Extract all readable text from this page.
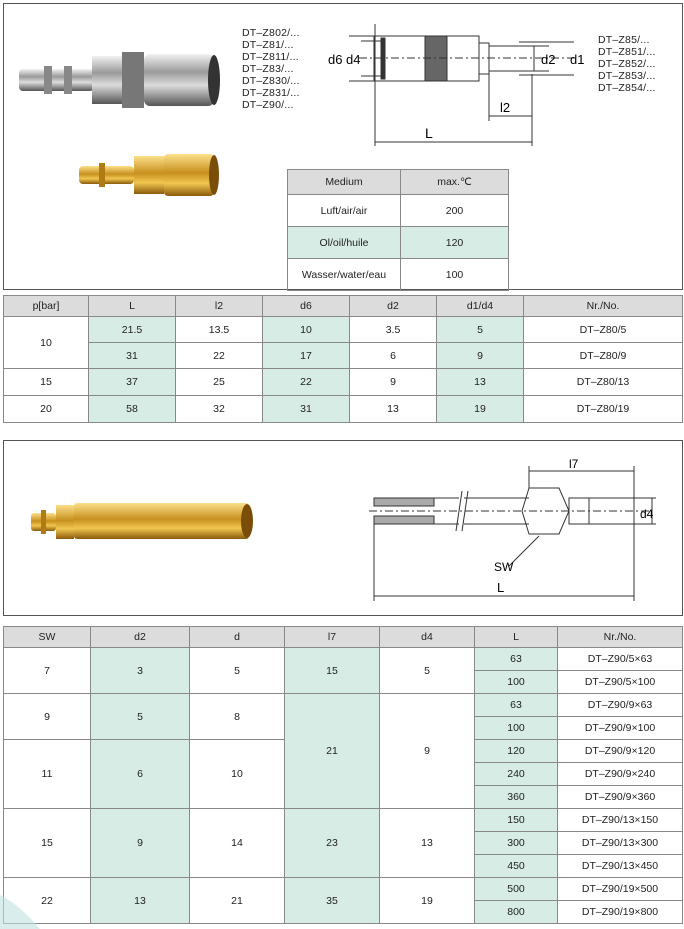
DT–Z802/...
DT–Z81/...
DT–Z811/...
DT–Z83/...
DT–Z830/...
DT–Z831/...
DT–Z90/...
DT–Z85/...
DT–Z851/...
DT–Z852/...
DT–Z853/...
DT–Z854/...
d6 d4	d2 d1
l2
L
Medium	max.℃
Luft/air/air	200
Ol/oil/huile	120
Wasser/water/eau	100
p[bar]	L	l2	d6	d2	d1/d4	Nr./No.
10	21.5	13.5	10	3.5	5	DT–Z80/5
	31	22	17	6	9	DT–Z80/9
15	37	25	22	9	13	DT–Z80/13
20	58	32	31	13	19	DT–Z80/19
l7
d4
SW
L
SW	d2	d	l7	d4	L	Nr./No.
7	3	5	15	5	63	DT–Z90/5×63
					100	DT–Z90/5×100
9	5	8	21	9	63	DT–Z90/9×63
					100	DT–Z90/9×100
11	6	10			120	DT–Z90/9×120
					240	DT–Z90/9×240
					360	DT–Z90/9×360
15	9	14	23	13	150	DT–Z90/13×150
					300	DT–Z90/13×300
					450	DT–Z90/13×450
22	13	21	35	19	500	DT–Z90/19×500
					800	DT–Z90/19×800
